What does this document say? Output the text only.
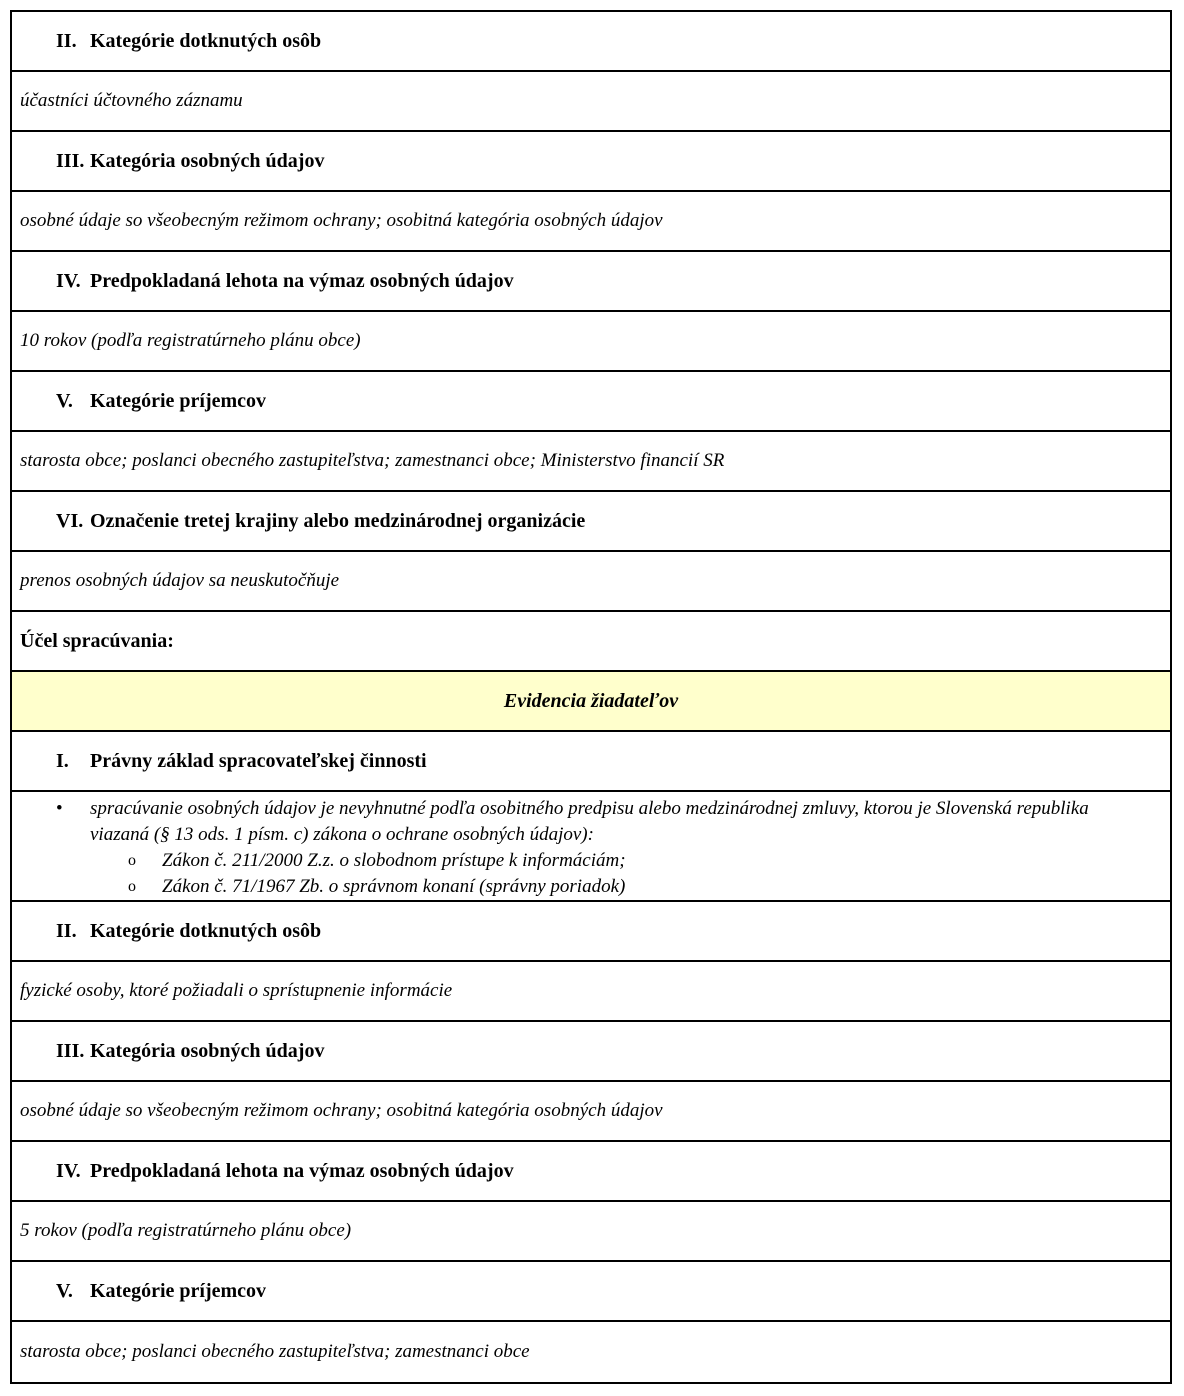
II. Kategórie dotknutých osôb
účastníci účtovného záznamu
III. Kategória osobných údajov
osobné údaje so všeobecným režimom ochrany; osobitná kategória osobných údajov
IV. Predpokladaná lehota na výmaz osobných údajov
10 rokov (podľa registratúrneho plánu obce)
V. Kategórie príjemcov
starosta obce; poslanci obecného zastupiteľstva; zamestnanci obce; Ministerstvo financií SR
VI. Označenie tretej krajiny alebo medzinárodnej organizácie
prenos osobných údajov sa neuskutočňuje
Účel spracúvania:
Evidencia žiadateľov
I.	Právny základ spracovateľskej činnosti
• spracúvanie osobných údajov je nevyhnutné podľa osobitného predpisu alebo medzinárodnej zmluvy, ktorou je Slovenská republika viazaná (§ 13 ods. 1 písm. c) zákona o ochrane osobných údajov):
o Zákon č. 211/2000 Z.z. o slobodnom prístupe k informáciám;
o Zákon č. 71/1967 Zb. o správnom konaní (správny poriadok)
II. Kategórie dotknutých osôb
fyzické osoby, ktoré požiadali o sprístupnenie informácie
III. Kategória osobných údajov
osobné údaje so všeobecným režimom ochrany; osobitná kategória osobných údajov
IV. Predpokladaná lehota na výmaz osobných údajov
5 rokov (podľa registratúrneho plánu obce)
V. Kategórie príjemcov
starosta obce; poslanci obecného zastupiteľstva; zamestnanci obce
